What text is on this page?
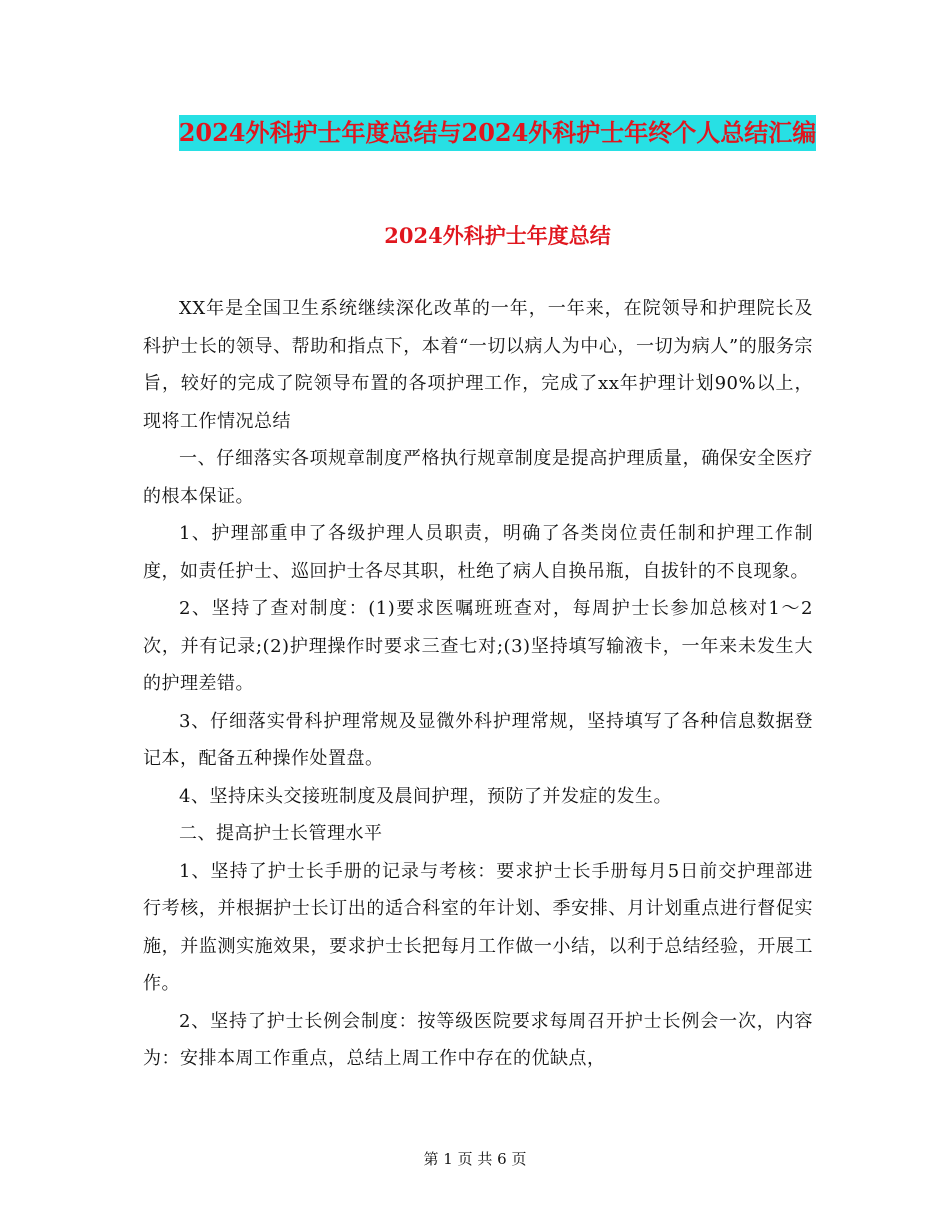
2024外科护士年度总结与2024外科护士年终个人总结汇编
2024外科护士年度总结

XX年是全国卫生系统继续深化改革的一年，一年来，在院领导和护理院长及科护士长的领导、帮助和指点下，本着“一切以病人为中心，一切为病人”的服务宗旨，较好的完成了院领导布置的各项护理工作，完成了xx年护理计划90%以上，现将工作情况总结

一、仔细落实各项规章制度严格执行规章制度是提高护理质量，确保安全医疗的根本保证。

1、护理部重申了各级护理人员职责，明确了各类岗位责任制和护理工作制度，如责任护士、巡回护士各尽其职，杜绝了病人自换吊瓶，自拔针的不良现象。

2、坚持了查对制度：(1)要求医嘱班班查对，每周护士长参加总核对1～2次，并有记录;(2)护理操作时要求三查七对;(3)坚持填写输液卡，一年来未发生大的护理差错。

3、仔细落实骨科护理常规及显微外科护理常规，坚持填写了各种信息数据登记本，配备五种操作处置盘。

4、坚持床头交接班制度及晨间护理，预防了并发症的发生。

二、提高护士长管理水平

1、坚持了护士长手册的记录与考核：要求护士长手册每月5日前交护理部进行考核，并根据护士长订出的适合科室的年计划、季安排、月计划重点进行督促实施，并监测实施效果，要求护士长把每月工作做一小结，以利于总结经验，开展工作。

2、坚持了护士长例会制度：按等级医院要求每周召开护士长例会一次，内容为：安排本周工作重点，总结上周工作中存在的优缺点，

第 1 页 共 6 页
